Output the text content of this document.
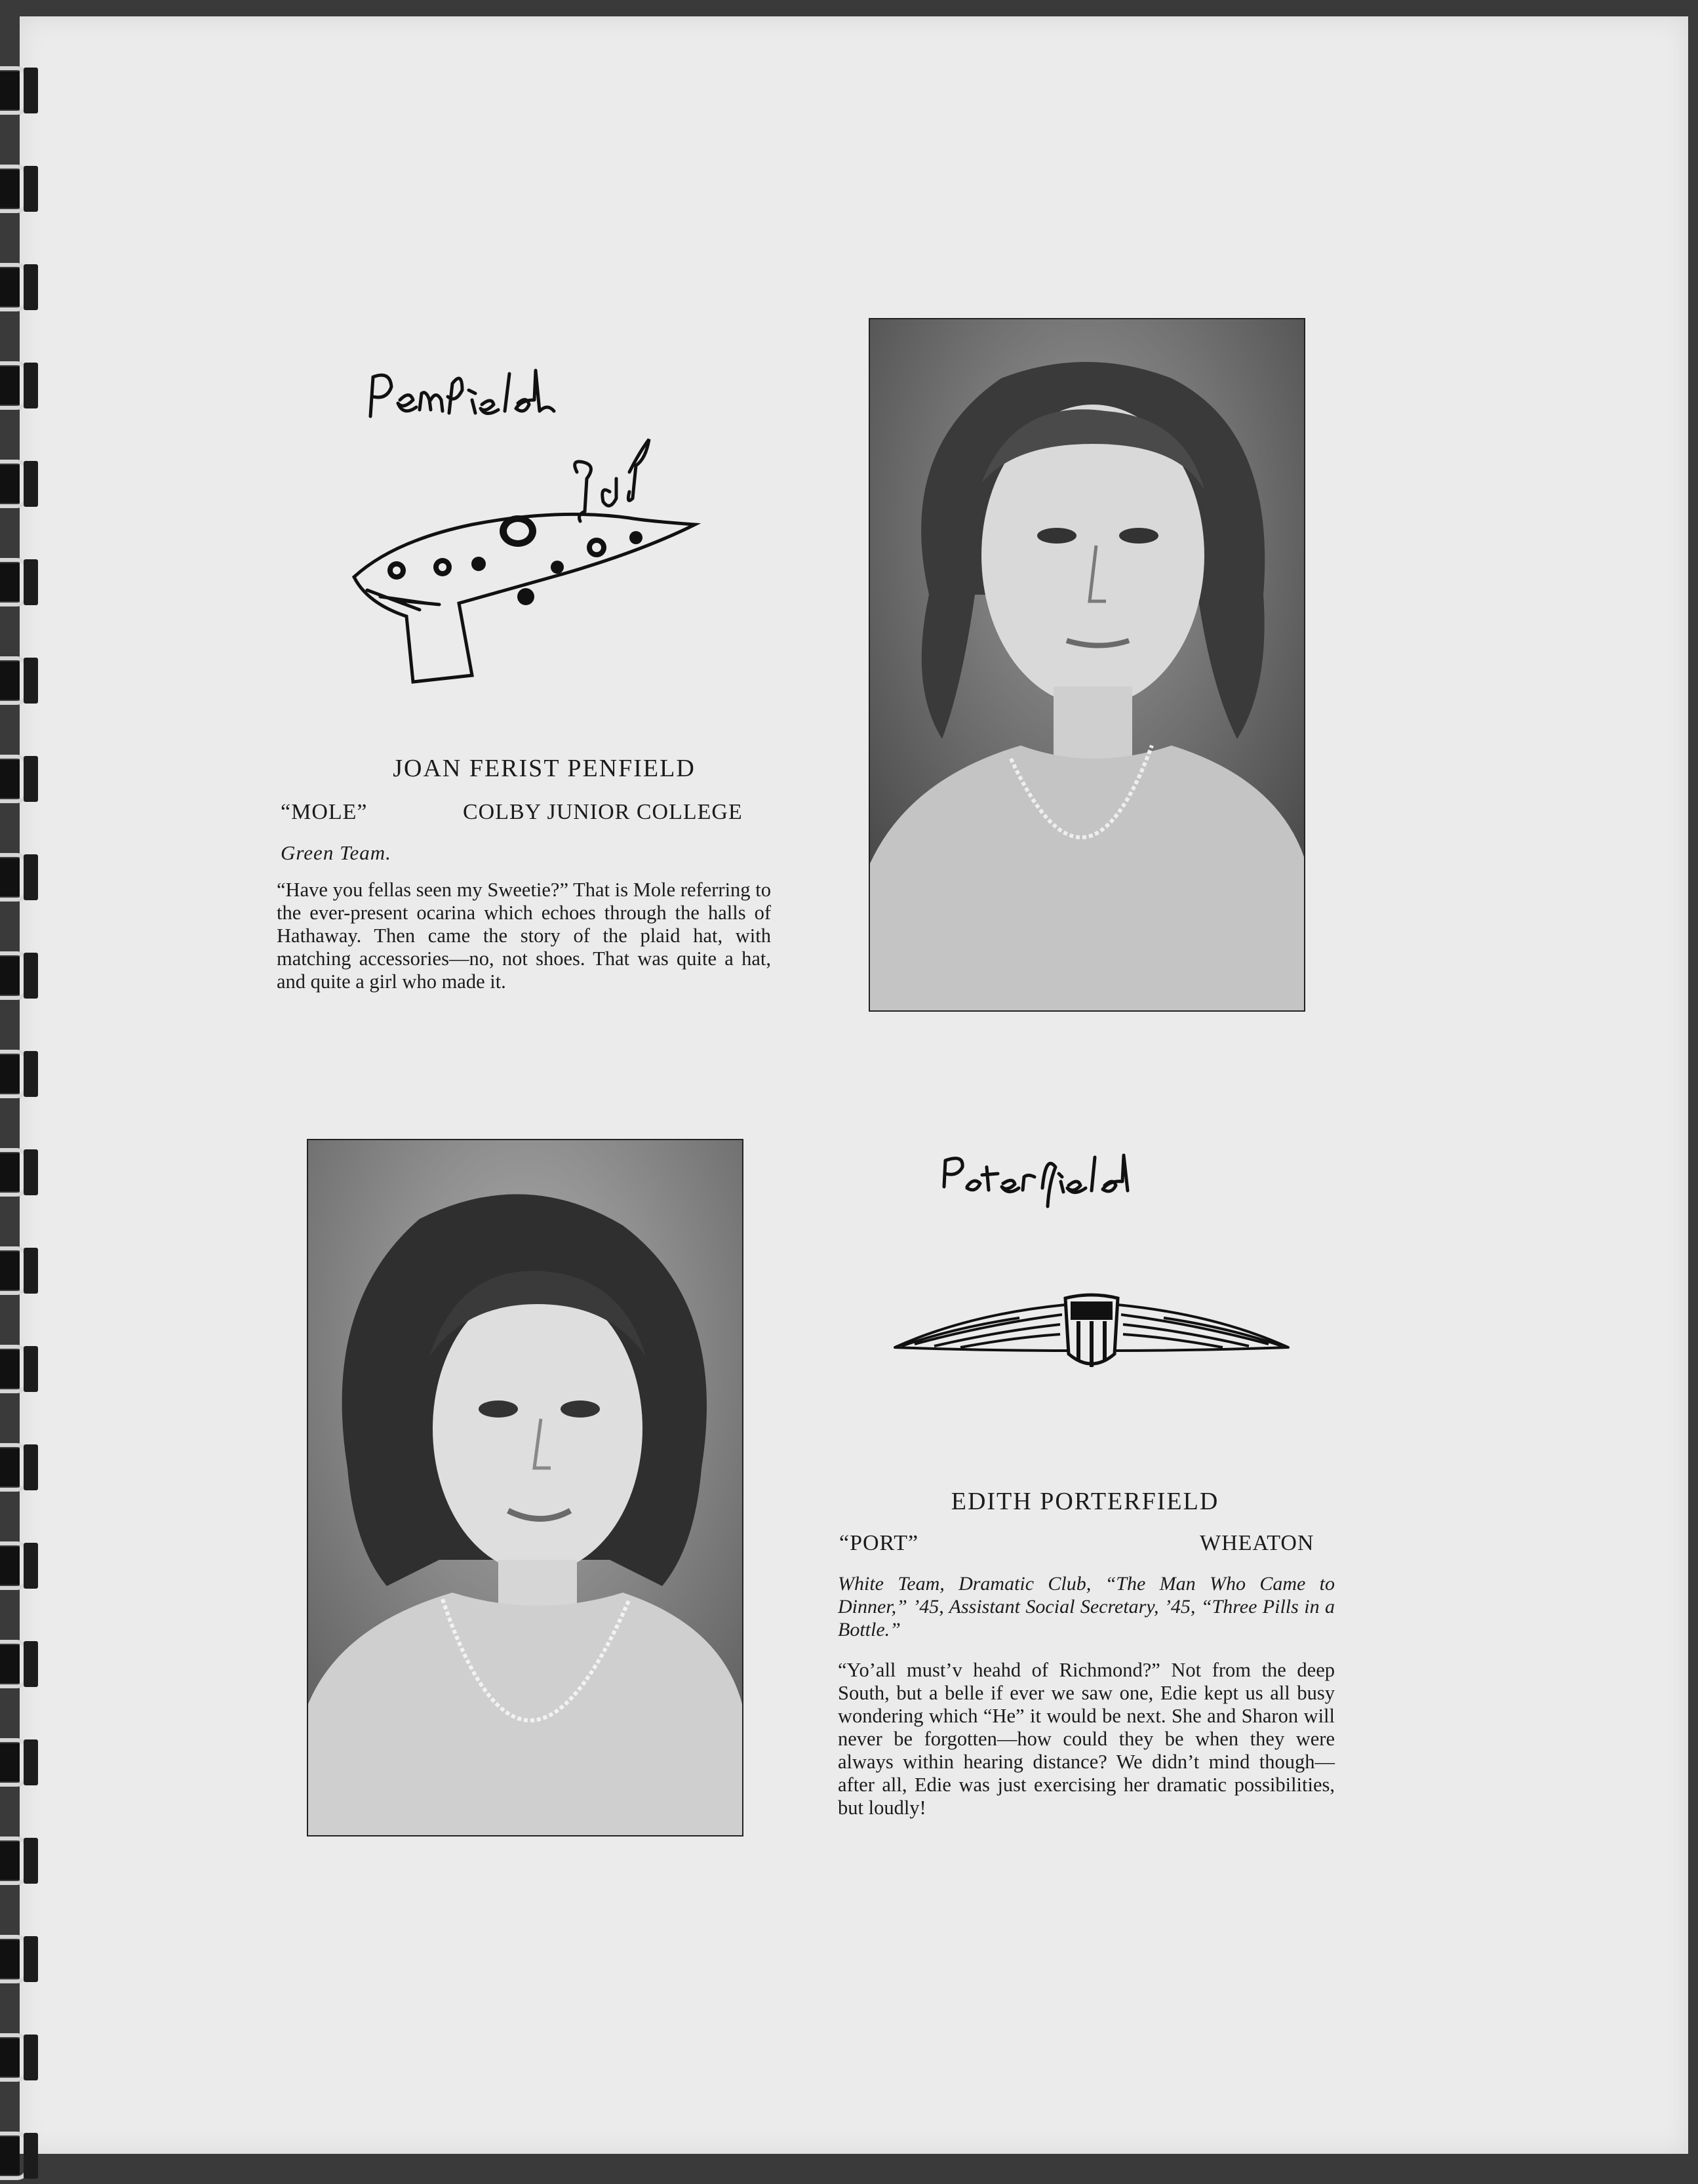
JOAN FERIST PENFIELD
“MOLE”	COLBY JUNIOR COLLEGE
Green Team.
“Have you fellas seen my Sweetie?” That is Mole referring to the ever-present ocarina which echoes through the halls of Hathaway. Then came the story of the plaid hat, with matching accessories—no, not shoes. That was quite a hat, and quite a girl who made it.
EDITH PORTERFIELD
“PORT”	WHEATON
White Team, Dramatic Club, “The Man Who Came to Dinner,” ’45, Assistant Social Secretary, ’45, “Three Pills in a Bottle.”
“Yo’all must’v heahd of Richmond?” Not from the deep South, but a belle if ever we saw one, Edie kept us all busy wondering which “He” it would be next. She and Sharon will never be forgotten—how could they be when they were always within hearing distance? We didn’t mind though—after all, Edie was just exercising her dramatic possibilities, but loudly!
